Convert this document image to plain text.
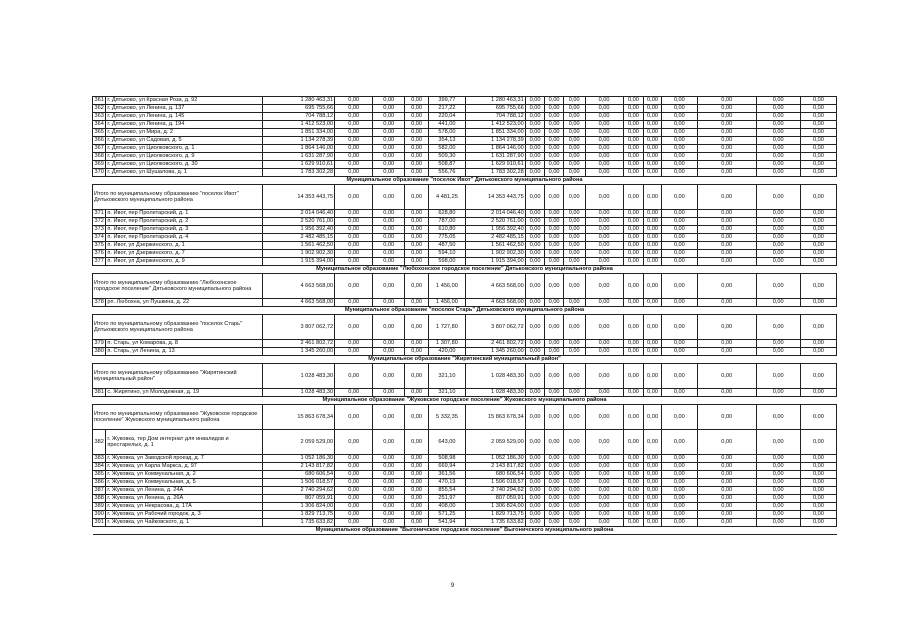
361	г. Дятьково, ул Красная Роза, д. 92	1 280 463,31	0,00	0,00	0,00	399,77	1 280 463,31	0,00	0,00	0,00	0,00	0,00	0,00	0,00	0,00	0,00	0,00
362	г. Дятьково, ул Ленина, д. 137	695 755,66	0,00	0,00	0,00	217,22	695 755,66	0,00	0,00	0,00	0,00	0,00	0,00	0,00	0,00	0,00	0,00
363	г. Дятьково, ул Ленина, д. 145	704 788,12	0,00	0,00	0,00	220,04	704 788,12	0,00	0,00	0,00	0,00	0,00	0,00	0,00	0,00	0,00	0,00
364	г. Дятьково, ул Ленина, д. 194	1 412 523,00	0,00	0,00	0,00	441,00	1 412 523,00	0,00	0,00	0,00	0,00	0,00	0,00	0,00	0,00	0,00	0,00
365	г. Дятьково, ул Мира, д. 2	1 851 334,00	0,00	0,00	0,00	578,00	1 851 334,00	0,00	0,00	0,00	0,00	0,00	0,00	0,00	0,00	0,00	0,00
366	г. Дятьково, ул Садовая, д. 5	1 134 278,39	0,00	0,00	0,00	354,13	1 134 278,39	0,00	0,00	0,00	0,00	0,00	0,00	0,00	0,00	0,00	0,00
367	г. Дятьково, ул Циолковского, д. 1	1 864 146,00	0,00	0,00	0,00	582,00	1 864 146,00	0,00	0,00	0,00	0,00	0,00	0,00	0,00	0,00	0,00	0,00
368	г. Дятьково, ул Циолковского, д. 9	1 631 287,90	0,00	0,00	0,00	509,30	1 631 287,90	0,00	0,00	0,00	0,00	0,00	0,00	0,00	0,00	0,00	0,00
369	г. Дятьково, ул Циолковского, д. 30	1 629 910,61	0,00	0,00	0,00	508,87	1 629 910,61	0,00	0,00	0,00	0,00	0,00	0,00	0,00	0,00	0,00	0,00
370	г. Дятьково, ул Шушалова, д. 1	1 783 302,28	0,00	0,00	0,00	556,76	1 783 302,28	0,00	0,00	0,00	0,00	0,00	0,00	0,00	0,00	0,00	0,00
Муниципальное образование "поселок Ивот" Дятьковского муниципального района																	
Итого по муниципальному образованию "поселок Ивот" Дятьковского муниципального района		14 353 443,75	0,00	0,00	0,00	4 481,25	14 353 443,75	0,00	0,00	0,00	0,00	0,00	0,00	0,00	0,00	0,00	0,00
371	п. Ивот, пер Пролетарский, д. 1	2 014 046,40	0,00	0,00	0,00	628,80	2 014 046,40	0,00	0,00	0,00	0,00	0,00	0,00	0,00	0,00	0,00	0,00
372	п. Ивот, пер Пролетарский, д. 2	2 520 761,00	0,00	0,00	0,00	787,00	2 520 761,00	0,00	0,00	0,00	0,00	0,00	0,00	0,00	0,00	0,00	0,00
373	п. Ивот, пер Пролетарский, д. 3	1 956 392,40	0,00	0,00	0,00	610,80	1 956 392,40	0,00	0,00	0,00	0,00	0,00	0,00	0,00	0,00	0,00	0,00
374	п. Ивот, пер Пролетарский, д. 4	2 482 485,15	0,00	0,00	0,00	775,05	2 482 485,15	0,00	0,00	0,00	0,00	0,00	0,00	0,00	0,00	0,00	0,00
375	п. Ивот, ул Дзержинского, д. 1	1 561 462,50	0,00	0,00	0,00	487,50	1 561 462,50	0,00	0,00	0,00	0,00	0,00	0,00	0,00	0,00	0,00	0,00
376	п. Ивот, ул Дзержинского, д. 7	1 902 902,30	0,00	0,00	0,00	594,10	1 902 902,30	0,00	0,00	0,00	0,00	0,00	0,00	0,00	0,00	0,00	0,00
377	п. Ивот, ул Дзержинского, д. 9	1 915 394,00	0,00	0,00	0,00	598,00	1 915 394,00	0,00	0,00	0,00	0,00	0,00	0,00	0,00	0,00	0,00	0,00
Муниципальное образование "Любохонское городское поселение" Дятьковского муниципального района																	
Итого по муниципальному образованию "Любохонское городское поселение" Дятьковского муниципального района		4 663 568,00	0,00	0,00	0,00	1 456,00	4 663 568,00	0,00	0,00	0,00	0,00	0,00	0,00	0,00	0,00	0,00	0,00
378	рп. Любохна, ул Пушкина, д. 22	4 663 568,00	0,00	0,00	0,00	1 456,00	4 663 568,00	0,00	0,00	0,00	0,00	0,00	0,00	0,00	0,00	0,00	0,00
Муниципальное образование "поселок Старь" Дятьковского муниципального района																	
Итого по муниципальному образованию "поселок Старь" Дятьковского муниципального района		3 807 062,72	0,00	0,00	0,00	1 727,80	3 807 062,72	0,00	0,00	0,00	0,00	0,00	0,00	0,00	0,00	0,00	0,00
379	п. Старь, ул Комарова, д. 8	2 461 802,72	0,00	0,00	0,00	1 307,80	2 461 802,72	0,00	0,00	0,00	0,00	0,00	0,00	0,00	0,00	0,00	0,00
380	п. Старь, ул Ленина, д. 13	1 345 260,00	0,00	0,00	0,00	420,00	1 345 260,00	0,00	0,00	0,00	0,00	0,00	0,00	0,00	0,00	0,00	0,00
Муниципальное образование "Жирятинский муниципальный район"																	
Итого по муниципальному образованию "Жирятинский муниципальный район"		1 028 483,30	0,00	0,00	0,00	321,10	1 028 483,30	0,00	0,00	0,00	0,00	0,00	0,00	0,00	0,00	0,00	0,00
381	с. Жирятино, ул Молодежная, д. 19	1 028 483,30	0,00	0,00	0,00	321,10	1 028 483,30	0,00	0,00	0,00	0,00	0,00	0,00	0,00	0,00	0,00	0,00
Муниципальное образование "Жуковское городское поселение" Жуковского муниципального района																	
Итого по муниципальному образованию "Жуковское городское поселение" Жуковского муниципального района		15 863 678,34	0,00	0,00	0,00	5 332,35	15 863 678,34	0,00	0,00	0,00	0,00	0,00	0,00	0,00	0,00	0,00	0,00
382	г. Жуковка, тер Дом интернат для инвалидов и престарелых, д. 1	2 059 529,00	0,00	0,00	0,00	643,00	2 059 529,00	0,00	0,00	0,00	0,00	0,00	0,00	0,00	0,00	0,00	0,00
383	г. Жуковка, ул Заводской проезд, д. 7	1 052 186,30	0,00	0,00	0,00	508,98	1 052 186,30	0,00	0,00	0,00	0,00	0,00	0,00	0,00	0,00	0,00	0,00
384	г. Жуковка, ул Карла Маркса, д. 97	2 143 817,82	0,00	0,00	0,00	669,94	2 143 817,82	0,00	0,00	0,00	0,00	0,00	0,00	0,00	0,00	0,00	0,00
385	г. Жуковка, ул Коммунальная, д. 2	680 606,54	0,00	0,00	0,00	361,56	680 606,54	0,00	0,00	0,00	0,00	0,00	0,00	0,00	0,00	0,00	0,00
386	г. Жуковка, ул Коммунальная, д. 5	1 506 018,57	0,00	0,00	0,00	470,19	1 506 018,57	0,00	0,00	0,00	0,00	0,00	0,00	0,00	0,00	0,00	0,00
387	г. Жуковка, ул Ленина, д. 24А	2 740 294,62	0,00	0,00	0,00	855,54	2 740 294,62	0,00	0,00	0,00	0,00	0,00	0,00	0,00	0,00	0,00	0,00
388	г. Жуковка, ул Ленина, д. 26А	807 059,91	0,00	0,00	0,00	251,97	807 059,91	0,00	0,00	0,00	0,00	0,00	0,00	0,00	0,00	0,00	0,00
389	г. Жуковка, ул Некрасова, д. 17А	1 306 824,00	0,00	0,00	0,00	408,00	1 306 824,00	0,00	0,00	0,00	0,00	0,00	0,00	0,00	0,00	0,00	0,00
390	г. Жуковка, ул Рабочий городок, д. 3	1 829 713,75	0,00	0,00	0,00	571,25	1 829 713,75	0,00	0,00	0,00	0,00	0,00	0,00	0,00	0,00	0,00	0,00
391	г. Жуковка, ул Чайковского, д. 1	1 735 633,82	0,00	0,00	0,00	541,94	1 735 633,82	0,00	0,00	0,00	0,00	0,00	0,00	0,00	0,00	0,00	0,00
Муниципальное образование "Выгоничское городское поселение" Выгоничского муниципального района																	
9
